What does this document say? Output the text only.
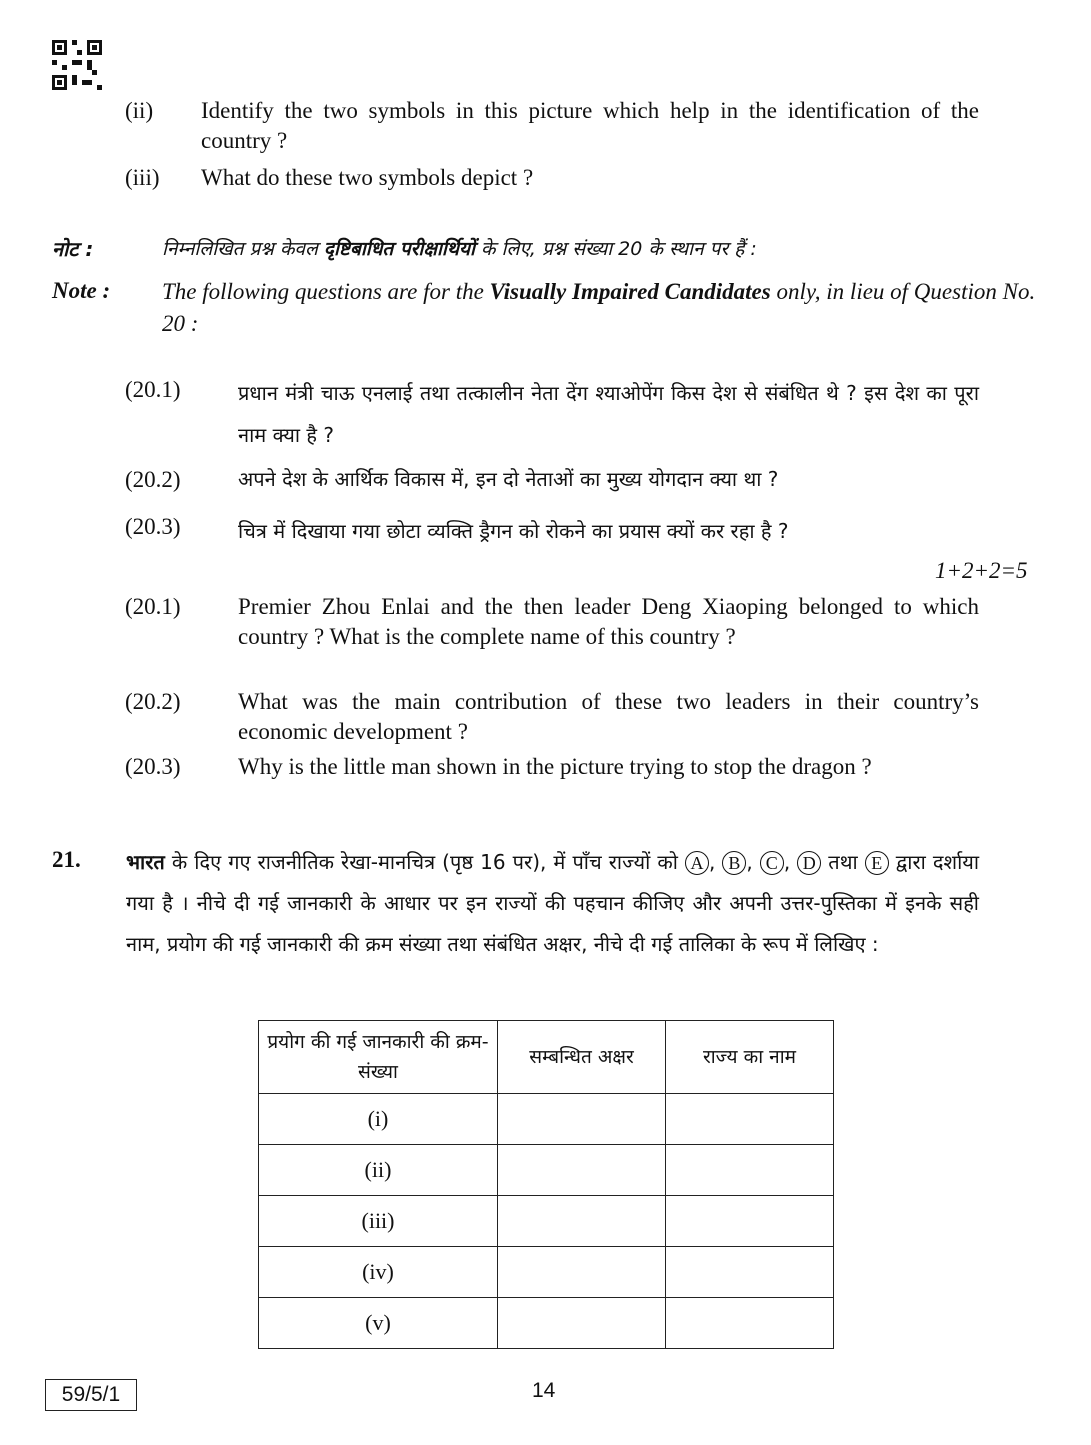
(ii)	Identify the two symbols in this picture which help in the identification of the country ?
(iii)	What do these two symbols depict ?
नोट :	निम्नलिखित प्रश्न केवल दृष्टिबाधित परीक्षार्थियों के लिए, प्रश्न संख्या 20 के स्थान पर हैं :
Note : The following questions are for the Visually Impaired Candidates only, in lieu of Question No. 20 :
(20.1)	प्रधान मंत्री चाऊ एनलाई तथा तत्कालीन नेता देंग श्याओपेंग किस देश से संबंधित थे ? इस देश का पूरा नाम क्या है ?
(20.2)	अपने देश के आर्थिक विकास में, इन दो नेताओं का मुख्य योगदान क्या था ?
(20.3)	चित्र में दिखाया गया छोटा व्यक्ति ड्रैगन को रोकने का प्रयास क्यों कर रहा है ?
1+2+2=5
(20.1)	Premier Zhou Enlai and the then leader Deng Xiaoping belonged to which country ? What is the complete name of this country ?
(20.2)	What was the main contribution of these two leaders in their country’s economic development ?
(20.3)	Why is the little man shown in the picture trying to stop the dragon ?
21. भारत के दिए गए राजनीतिक रेखा-मानचित्र (पृष्ठ 16 पर), में पाँच राज्यों को A , B , C , D तथा E द्वारा दर्शाया गया है । नीचे दी गई जानकारी के आधार पर इन राज्यों की पहचान कीजिए और अपनी उत्तर-पुस्तिका में इनके सही नाम, प्रयोग की गई जानकारी की क्रम संख्या तथा संबंधित अक्षर, नीचे दी गई तालिका के रूप में लिखिए :
प्रयोग की गई जानकारी की क्रम-संख्या	सम्बन्धित अक्षर	राज्य का नाम
(i)		
(ii)		
(iii)		
(iv)		
(v)		
59/5/1	14
